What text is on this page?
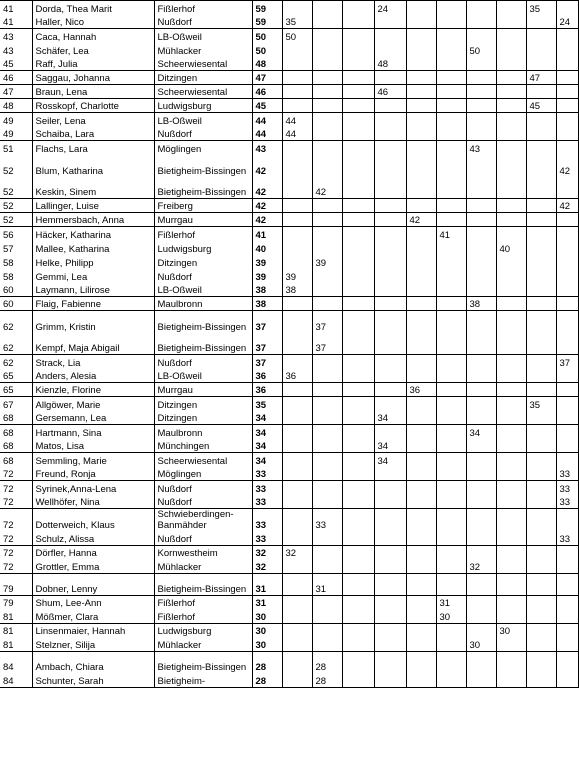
41	Dorda, Thea Marit	Fißlerhof	59				24					35	
41	Haller, Nico	Nußdorf	59	35									24
43	Caca, Hannah	LB-Oßweil	50	50									
43	Schäfer, Lea	Mühlacker	50							50			
45	Raff, Julia	Scheerwiesental	48				48						
46	Saggau, Johanna	Ditzingen	47									47	
47	Braun, Lena	Scheerwiesental	46				46						
48	Rosskopf, Charlotte	Ludwigsburg	45									45	
49	Seiler, Lena	LB-Oßweil	44	44									
49	Schaiba, Lara	Nußdorf	44	44									
51	Flachs, Lara	Möglingen	43							43			
52	Blum, Katharina	Bietigheim-Bissingen	42										42
52	Keskin, Sinem	Bietigheim-Bissingen	42		42								
52	Lallinger, Luise	Freiberg	42										42
52	Hemmersbach, Anna	Murrgau	42					42					
56	Häcker, Katharina	Fißlerhof	41						41				
57	Mallee, Katharina	Ludwigsburg	40								40		
58	Helke, Philipp	Ditzingen	39		39								
58	Gemmi, Lea	Nußdorf	39	39									
60	Laymann, Lilirose	LB-Oßweil	38	38									
60	Flaig, Fabienne	Maulbronn	38							38			
62	Grimm, Kristin	Bietigheim-Bissingen	37		37								
62	Kempf, Maja Abigail	Bietigheim-Bissingen	37		37								
62	Strack, Lia	Nußdorf	37										37
65	Anders, Alesia	LB-Oßweil	36	36									
65	Kienzle, Florine	Murrgau	36					36					
67	Allgöwer, Marie	Ditzingen	35									35	
68	Gersemann, Lea	Ditzingen	34				34						
68	Hartmann, Sina	Maulbronn	34							34			
68	Matos, Lisa	Münchingen	34				34						
68	Semmling, Marie	Scheerwiesental	34				34						
72	Freund, Ronja	Möglingen	33										33
72	Syrinek,Anna-Lena	Nußdorf	33										33
72	Wellhöfer, Nina	Nußdorf	33										33
72	Dotterweich, Klaus	Schwieberdingen-Banmähder	33		33								
72	Schulz, Alissa	Nußdorf	33										33
72	Dörfler, Hanna	Kornwestheim	32	32									
72	Grottler, Emma	Mühlacker	32							32			
79	Dobner, Lenny	Bietigheim-Bissingen	31		31								
79	Shum, Lee-Ann	Fißlerhof	31						31				
81	Mößmer, Clara	Fißlerhof	30						30				
81	Linsenmaier, Hannah	Ludwigsburg	30								30		
81	Stelzner, Silija	Mühlacker	30							30			
84	Ambach, Chiara	Bietigheim-Bissingen	28		28								
84	Schunter, Sarah	Bietigheim-	28		28								
